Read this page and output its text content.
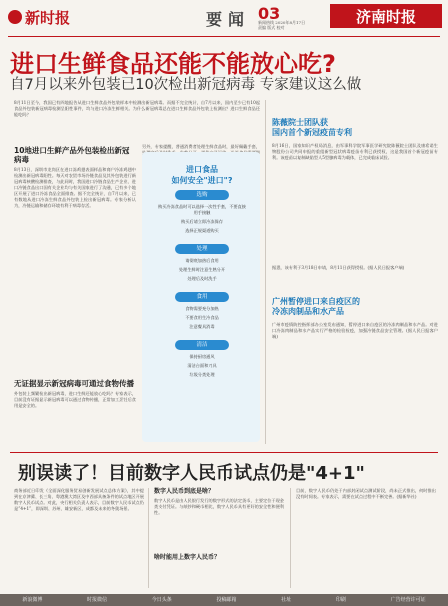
新时报	要闻 03
新闻热线 2020年8月17日
责编 版式 校对
济南时报
进口生鲜食品还能不能放心吃?
自7月以来外包装已10次检出新冠病毒 专家建议这么做
8月11日至今，我国已有四地报告从进口生鲜食品外包装样本中检测出新冠病毒。而据不完全统计，自7月以来，国内至少已有10起食品外包装新冠病毒检测呈阳性事件，均与进口冷冻生鲜相关。为什么新冠病毒总在进口生鲜食品外包装上检测出？进口生鲜食品还能吃吗？
10地进口生鲜产品外包装检出新冠病毒
8月13日，深圳市龙岗区在进口冻鸡翅表面样品和商户冷冻鸡翅中检测出新冠病毒阳性。每天对农贸市场冷链食品及其外包装进行新冠病毒核酸检测排查，与此同时，我国进口冷链食品生产企业、进口冷链食品出口国有关企业均与有关国家进行了沟通，已有多个地区开展了进口冷冻食品全面排查。据不完全统计，自7月以来，已有数地从进口冷冻生鲜食品外包装上检出新冠病毒。专家分析认为，冷链运输和储存环境有利于病毒存活。
无证据显示新冠病毒可通过食物传播
外包装上频繁检出新冠病毒，进口生鲜还能放心吃吗？专家表示，目前没有证据显示新冠病毒可以通过食物传播，正常加工烹饪后食用是安全的。
另外，专家提醒，普通消费者处理生鲜食品时，最好佩戴手套，
进口食品
如何安全"进口"?
选购
购买冷冻食品时可以选择一次性手套，不要直接
用手接触
购买后请立即冷冻保存
选择正规渠道购买
处理
请彻底加热后食用
处理生鲜时注意生熟分开
处理后及时洗手
食用
食物需要充分加热
不要食用生冷食品
注意餐具消毒
清洁
保持厨房通风
清洁台面和刀具
垃圾分类处理
陈薇院士团队获
国内首个新冠疫苗专利
8月16日，国家知识产权局消息，由军事科学院军事医学研究院陈薇院士团队及康希诺生物股份公司共同申报的重组新型冠状病毒疫苗专利已获授权，这是我国首个新冠疫苗专利。该疫苗以复制缺陷型人5型腺病毒为载体，已完成临床试验。
据悉，该专利于3月18日申请，8月11日获得授权。(据人民日报客户端)
广州暂停进口来自疫区的
冷冻肉制品和水产品
广州市疫情防控指挥部办公室发布通知，暂停进口来自疫区的冷冻肉制品和水产品。对进口冷冻肉制品和水产品实行严格的检验检疫，加强冷链食品安全管理。(据人民日报客户端)
别误读了！目前数字人民币试点仍是"4+1"
商务部近日印发《全面深化服务贸易创新发展试点总体方案》，其中提到在京津冀、长三角、粤港澳大湾区及中西部具备条件的试点地区开展数字人民币试点。对此，央行相关负责人表示，目前数字人民币试点仍是“4+1”，即深圳、苏州、雄安新区、成都及未来的冬奥场景。
数字人民币到底是啥？
数字人民币是由人民银行发行的数字形式的法定货币，主要定位于现金类支付凭证。与纸钞和硬币相比，数字人民币具有更好的安全性和便利性。
啥时能用上数字人民币？
目前，数字人民币仍处于内部封闭试点测试阶段，尚未正式推出，何时推出没有时间表。专家表示，需要在试点过程中不断完善。(据新华社)
新浪微博	时报微信	今日头条	投稿邮箱	社址	印刷	广告经营许可证
